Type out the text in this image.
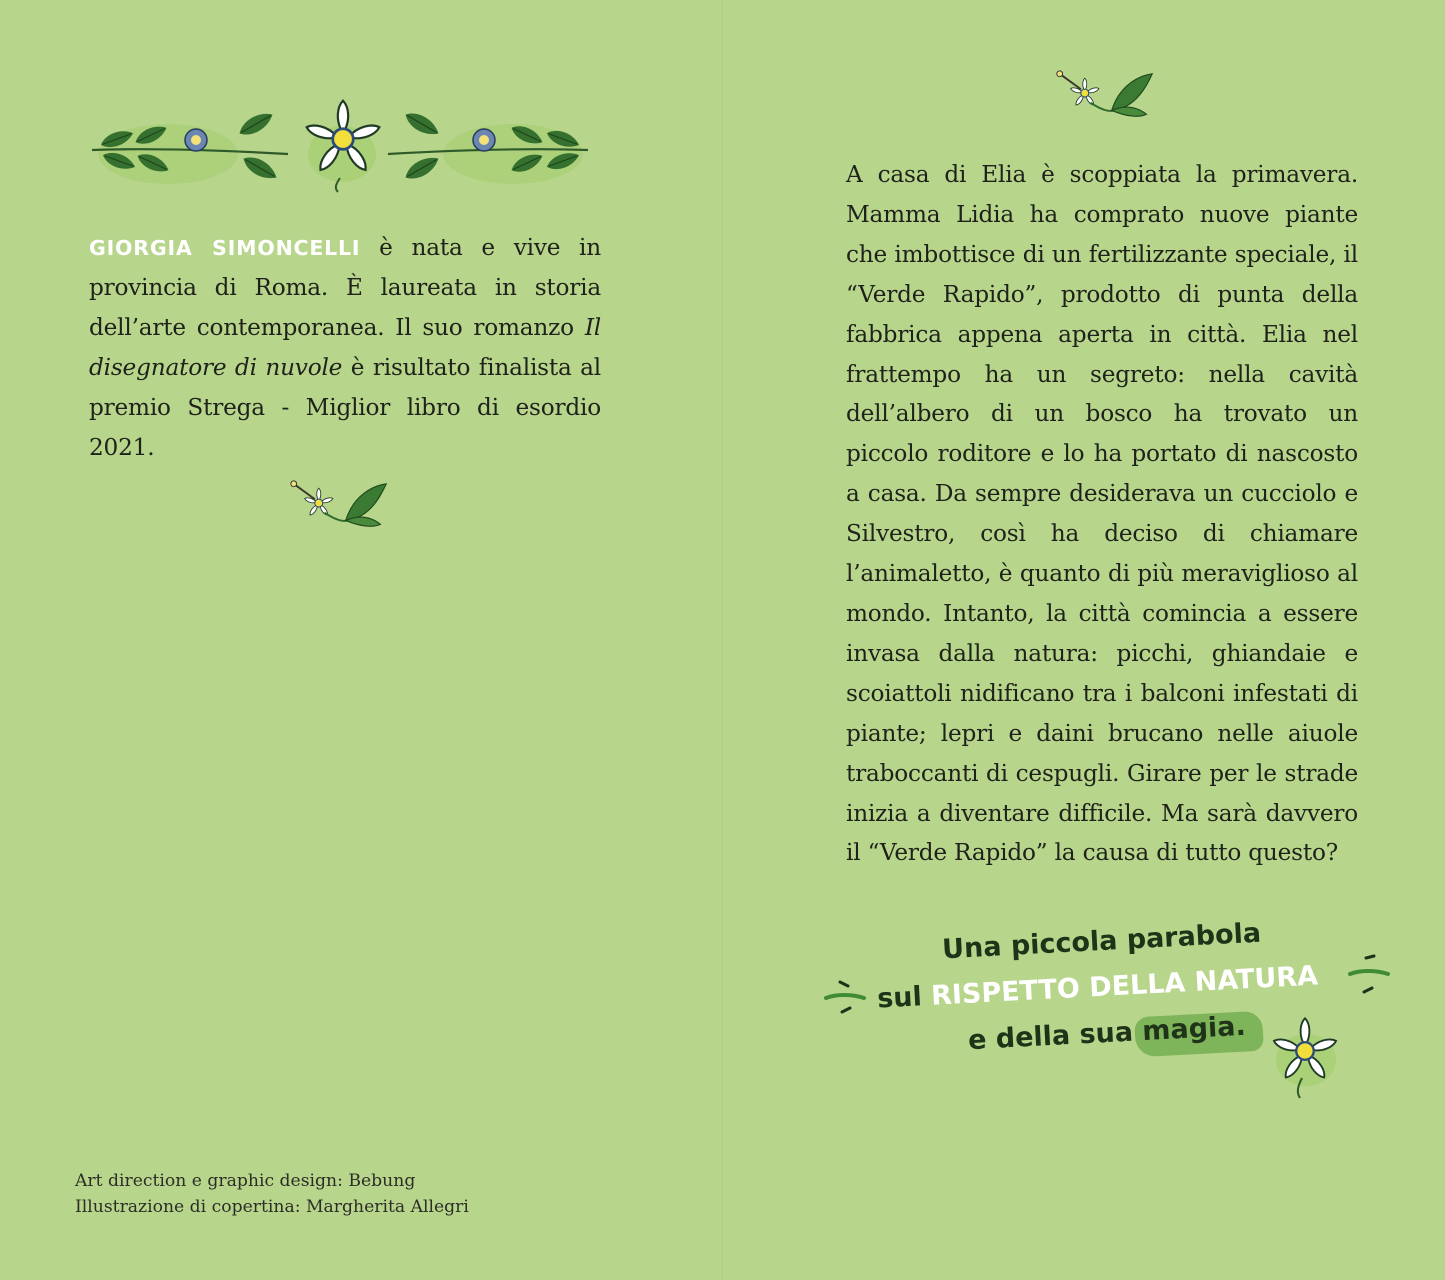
GIORGIA SIMONCELLI è nata e vive in provincia di Roma. È laureata in storia dell’arte contemporanea. Il suo romanzo Il disegnatore di nuvole è risultato finalista al premio Strega - Miglior libro di esordio 2021.

Art direction e graphic design: Bebung
Illustrazione di copertina: Margherita Allegri

A casa di Elia è scoppiata la primavera. Mamma Lidia ha comprato nuove piante che imbottisce di un fertilizzante speciale, il “Verde Rapido”, prodotto di punta della fabbrica appena aperta in città. Elia nel frattempo ha un segreto: nella cavità dell’albero di un bosco ha trovato un piccolo roditore e lo ha portato di nascosto a casa. Da sempre desiderava un cucciolo e Silvestro, così ha deciso di chiamare l’animaletto, è quanto di più meraviglioso al mondo. Intanto, la città comincia a essere invasa dalla natura: picchi, ghiandaie e scoiattoli nidificano tra i balconi infestati di piante; lepri e daini brucano nelle aiuole traboccanti di cespugli. Girare per le strade inizia a diventare difficile. Ma sarà davvero il “Verde Rapido” la causa di tutto questo?

Una piccola parabola
sul RISPETTO DELLA NATURA
e della sua magia.
